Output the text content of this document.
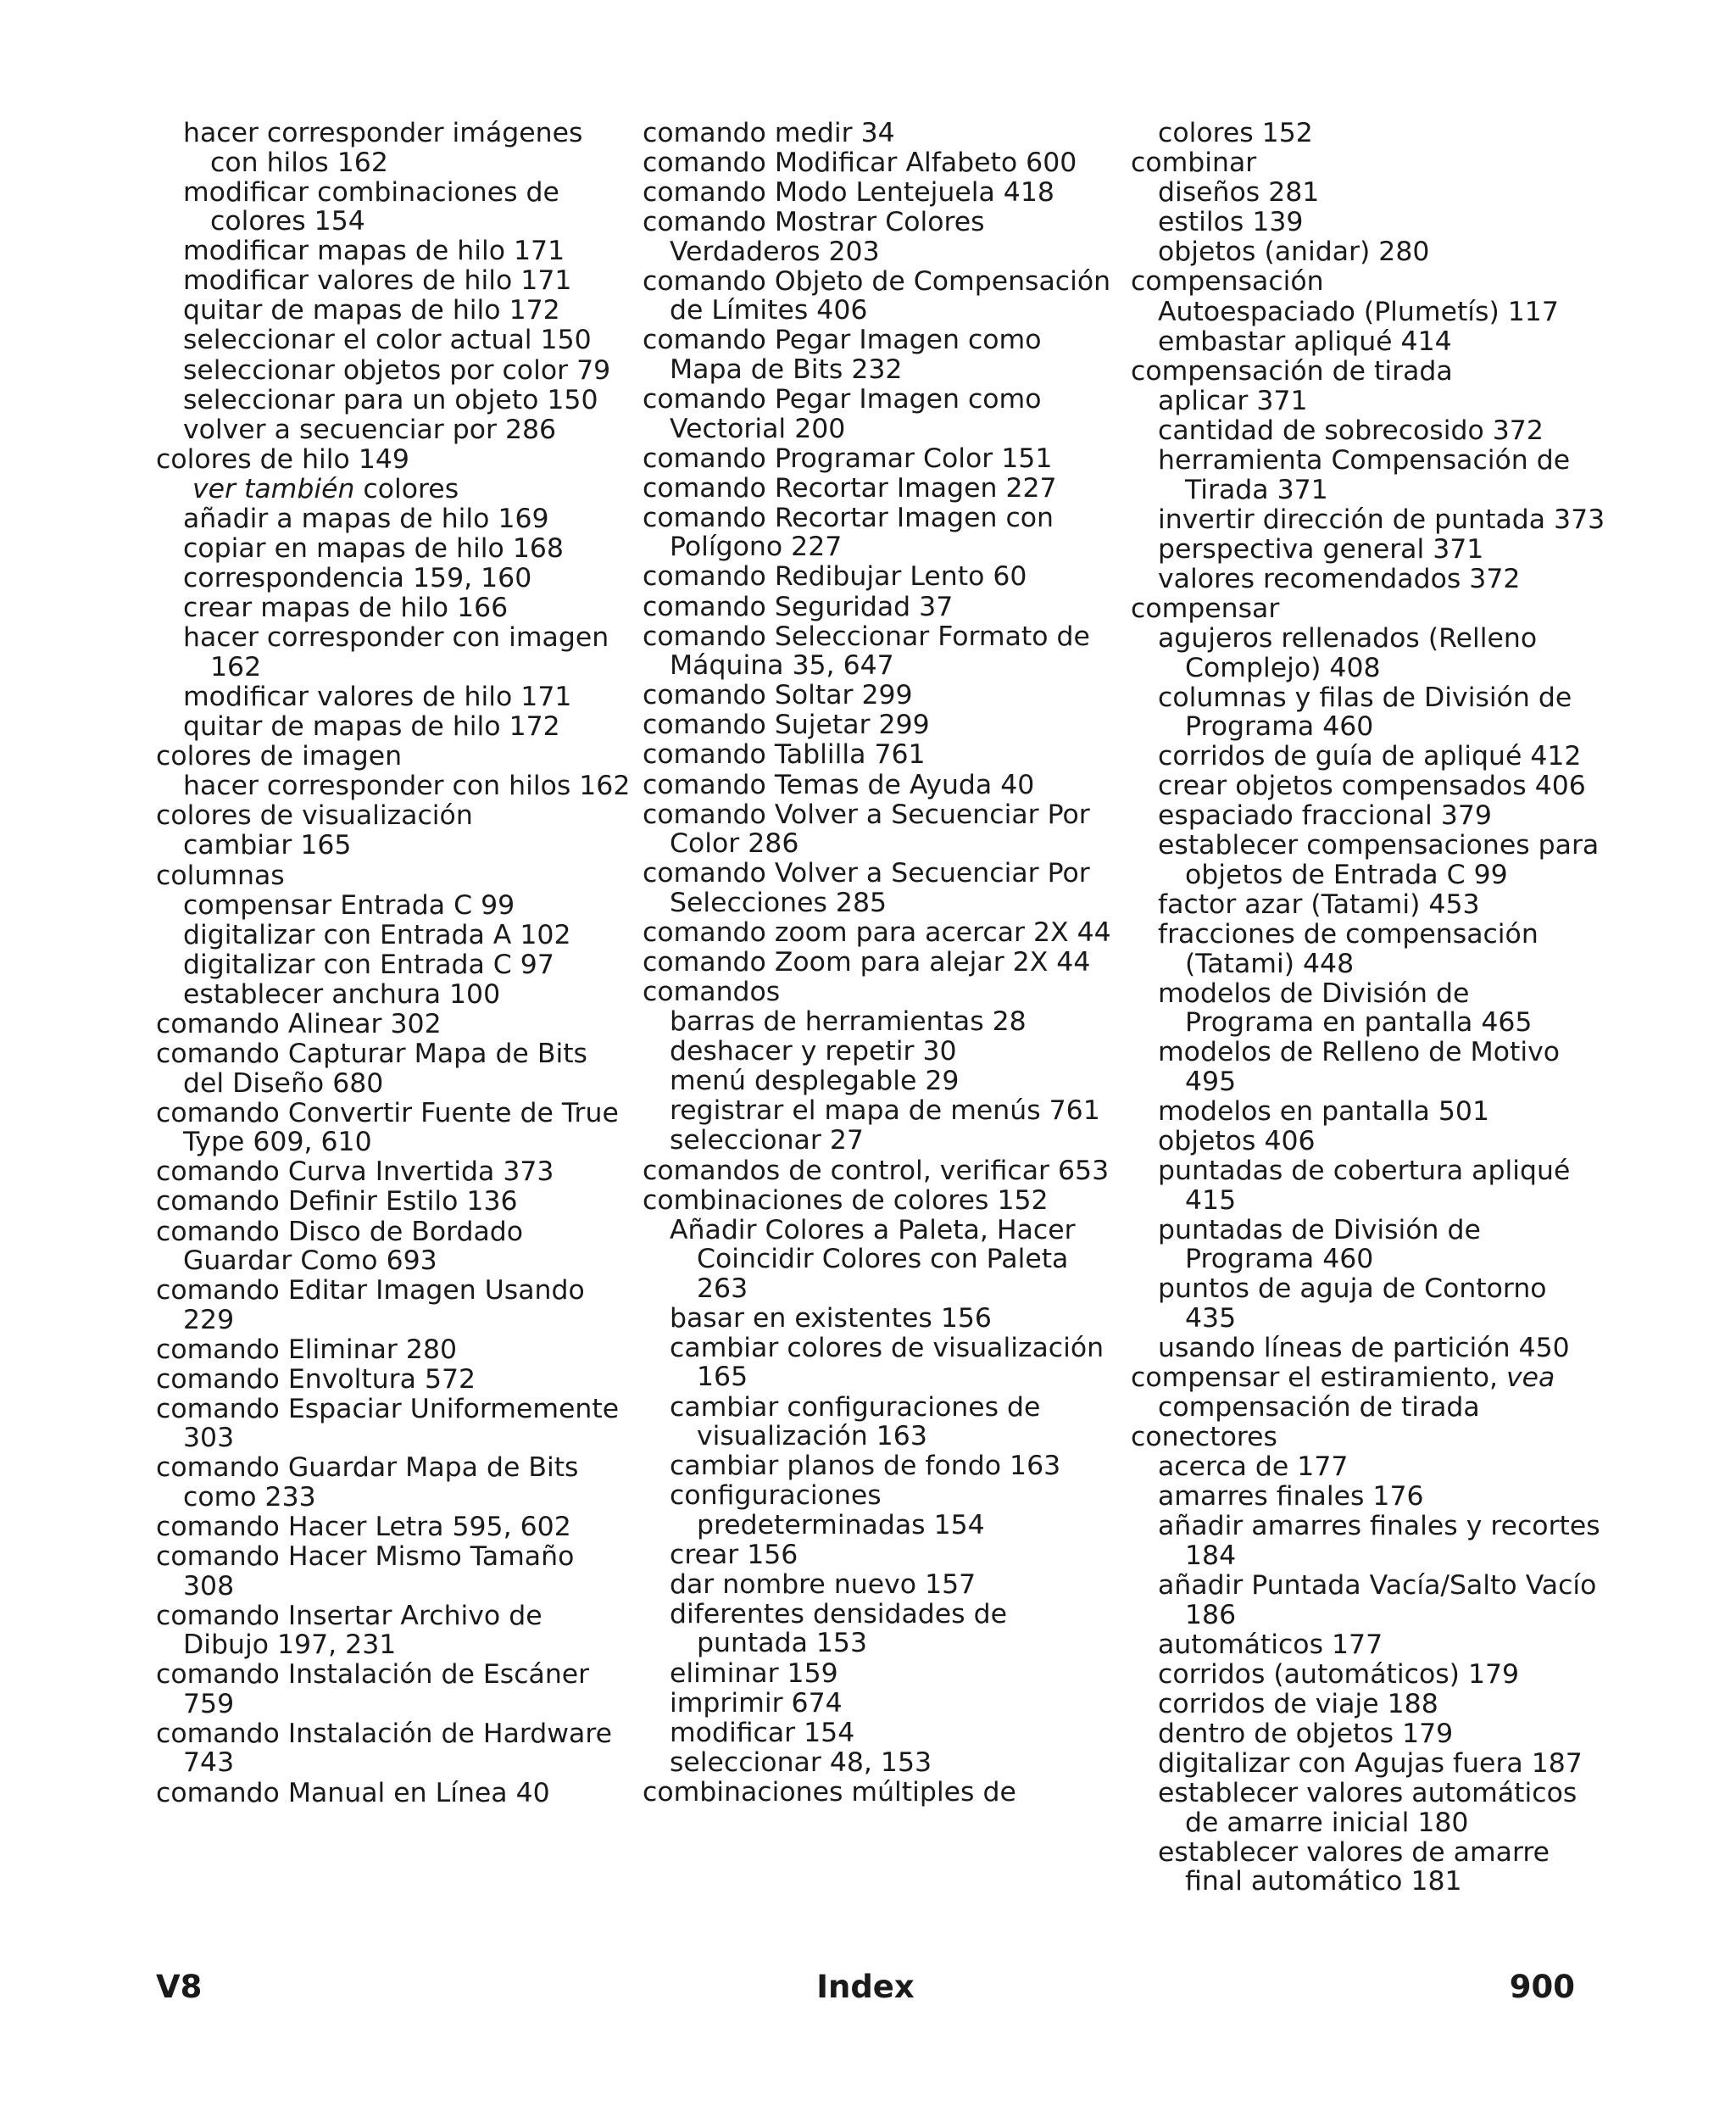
hacer corresponder imágenes con hilos 162
modificar combinaciones de colores 154
modificar mapas de hilo 171
modificar valores de hilo 171
quitar de mapas de hilo 172
seleccionar el color actual 150
seleccionar objetos por color 79
seleccionar para un objeto 150
volver a secuenciar por 286
colores de hilo 149
ver también colores
añadir a mapas de hilo 169
copiar en mapas de hilo 168
correspondencia 159, 160
crear mapas de hilo 166
hacer corresponder con imagen 162
modificar valores de hilo 171
quitar de mapas de hilo 172
colores de imagen
hacer corresponder con hilos 162
colores de visualización
cambiar 165
columnas
compensar Entrada C 99
digitalizar con Entrada A 102
digitalizar con Entrada C 97
establecer anchura 100
comando Alinear 302
comando Capturar Mapa de Bits del Diseño 680
comando Convertir Fuente de True Type 609, 610
comando Curva Invertida 373
comando Definir Estilo 136
comando Disco de Bordado Guardar Como 693
comando Editar Imagen Usando 229
comando Eliminar 280
comando Envoltura 572
comando Espaciar Uniformemente 303
comando Guardar Mapa de Bits como 233
comando Hacer Letra 595, 602
comando Hacer Mismo Tamaño 308
comando Insertar Archivo de Dibujo 197, 231
comando Instalación de Escáner 759
comando Instalación de Hardware 743
comando Manual en Línea 40
comando medir 34
comando Modificar Alfabeto 600
comando Modo Lentejuela 418
comando Mostrar Colores Verdaderos 203
comando Objeto de Compensación de Límites 406
comando Pegar Imagen como Mapa de Bits 232
comando Pegar Imagen como Vectorial 200
comando Programar Color 151
comando Recortar Imagen 227
comando Recortar Imagen con Polígono 227
comando Redibujar Lento 60
comando Seguridad 37
comando Seleccionar Formato de Máquina 35, 647
comando Soltar 299
comando Sujetar 299
comando Tablilla 761
comando Temas de Ayuda 40
comando Volver a Secuenciar Por Color 286
comando Volver a Secuenciar Por Selecciones 285
comando zoom para acercar 2X 44
comando Zoom para alejar 2X 44
comandos
barras de herramientas 28
deshacer y repetir 30
menú desplegable 29
registrar el mapa de menús 761
seleccionar 27
comandos de control, verificar 653
combinaciones de colores 152
Añadir Colores a Paleta, Hacer Coincidir Colores con Paleta 263
basar en existentes 156
cambiar colores de visualización 165
cambiar configuraciones de visualización 163
cambiar planos de fondo 163
configuraciones predeterminadas 154
crear 156
dar nombre nuevo 157
diferentes densidades de puntada 153
eliminar 159
imprimir 674
modificar 154
seleccionar 48, 153
combinaciones múltiples de
colores 152
combinar
diseños 281
estilos 139
objetos (anidar) 280
compensación
Autoespaciado (Plumetís) 117
embastar apliqué 414
compensación de tirada
aplicar 371
cantidad de sobrecosido 372
herramienta Compensación de Tirada 371
invertir dirección de puntada 373
perspectiva general 371
valores recomendados 372
compensar
agujeros rellenados (Relleno Complejo) 408
columnas y filas de División de Programa 460
corridos de guía de apliqué 412
crear objetos compensados 406
espaciado fraccional 379
establecer compensaciones para objetos de Entrada C 99
factor azar (Tatami) 453
fracciones de compensación (Tatami) 448
modelos de División de Programa en pantalla 465
modelos de Relleno de Motivo 495
modelos en pantalla 501
objetos 406
puntadas de cobertura apliqué 415
puntadas de División de Programa 460
puntos de aguja de Contorno 435
usando líneas de partición 450
compensar el estiramiento, vea
compensación de tirada
conectores
acerca de 177
amarres finales 176
añadir amarres finales y recortes 184
añadir Puntada Vacía/Salto Vacío 186
automáticos 177
corridos (automáticos) 179
corridos de viaje 188
dentro de objetos 179
digitalizar con Agujas fuera 187
establecer valores automáticos de amarre inicial 180
establecer valores de amarre final automático 181
V8	Index	900
